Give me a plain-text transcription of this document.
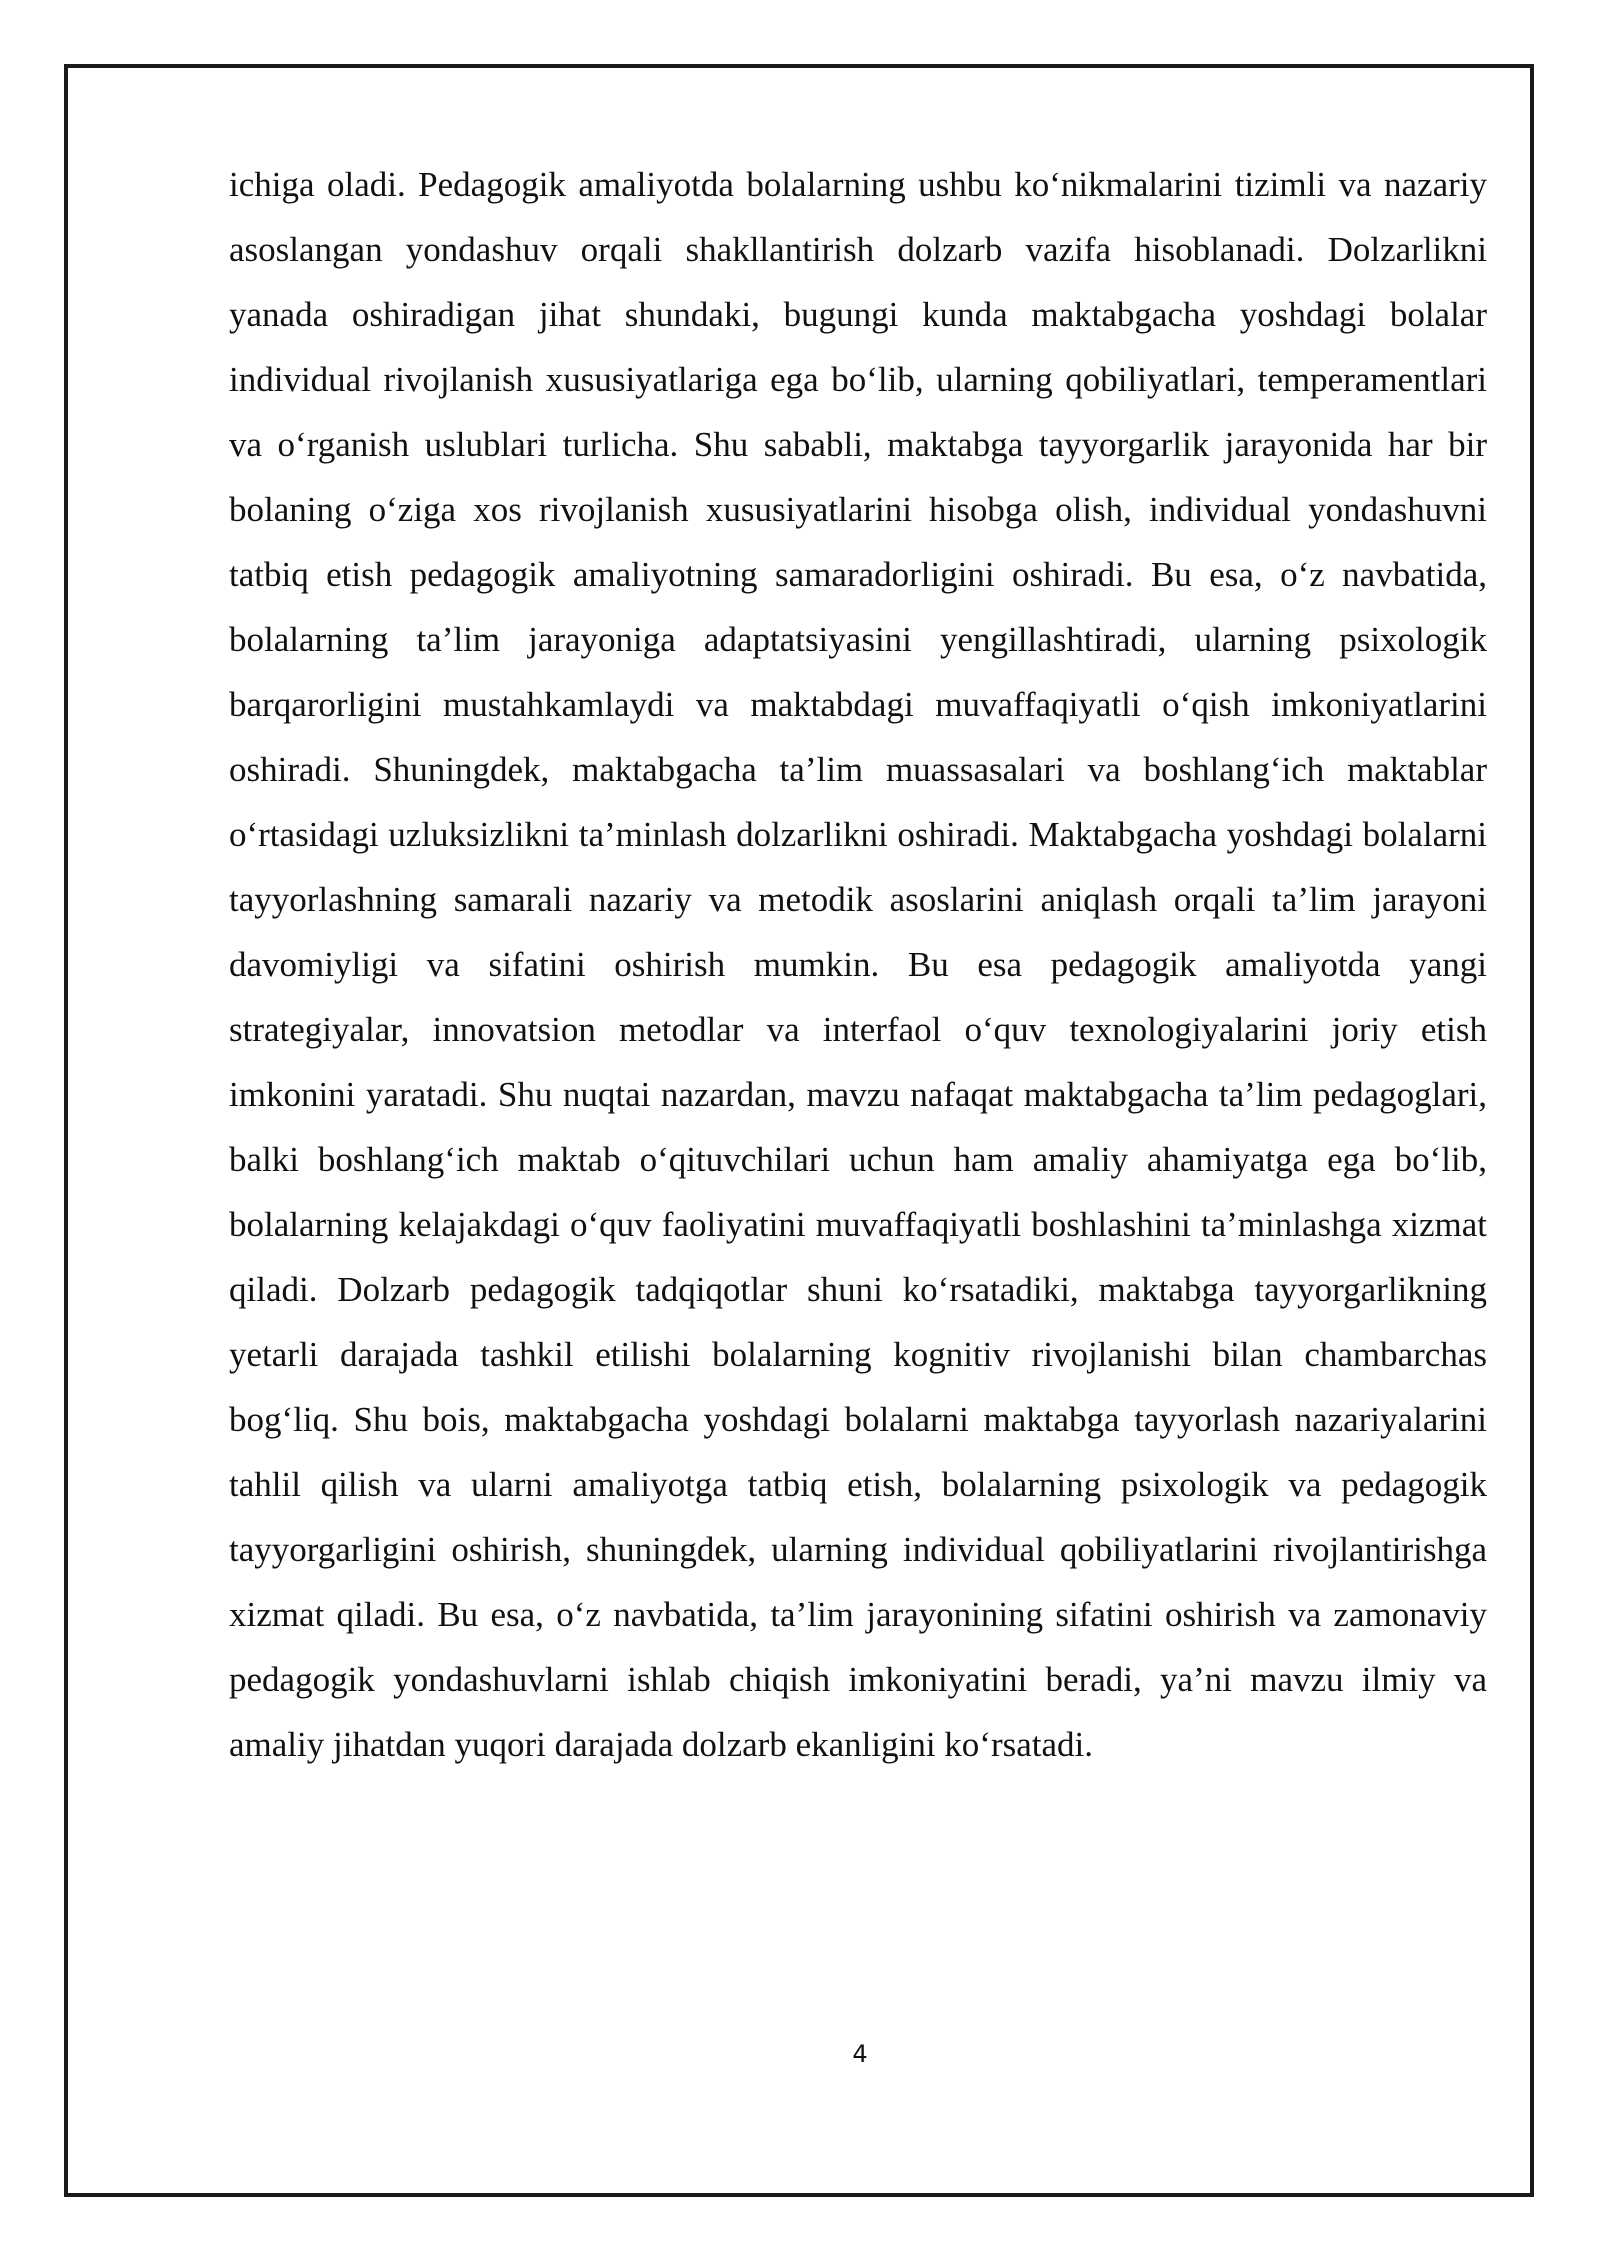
ichiga oladi. Pedagogik amaliyotda bolalarning ushbu ko‘nikmalarini tizimli va nazariy asoslangan yondashuv orqali shakllantirish dolzarb vazifa hisoblanadi. Dolzarlikni yanada oshiradigan jihat shundaki, bugungi kunda maktabgacha yoshdagi bolalar individual rivojlanish xususiyatlariga ega bo‘lib, ularning qobiliyatlari, temperamentlari va o‘rganish uslublari turlicha. Shu sababli, maktabga tayyorgarlik jarayonida har bir bolaning o‘ziga xos rivojlanish xususiyatlarini hisobga olish, individual yondashuvni tatbiq etish pedagogik amaliyotning samaradorligini oshiradi. Bu esa, o‘z navbatida, bolalarning ta’lim jarayoniga adaptatsiyasini yengillashtiradi, ularning psixologik barqarorligini mustahkamlaydi va maktabdagi muvaffaqiyatli o‘qish imkoniyatlarini oshiradi. Shuningdek, maktabgacha ta’lim muassasalari va boshlang‘ich maktablar o‘rtasidagi uzluksizlikni ta’minlash dolzarlikni oshiradi. Maktabgacha yoshdagi bolalarni tayyorlashning samarali nazariy va metodik asoslarini aniqlash orqali ta’lim jarayoni davomiyligi va sifatini oshirish mumkin. Bu esa pedagogik amaliyotda yangi strategiyalar, innovatsion metodlar va interfaol o‘quv texnologiyalarini joriy etish imkonini yaratadi. Shu nuqtai nazardan, mavzu nafaqat maktabgacha ta’lim pedagoglari, balki boshlang‘ich maktab o‘qituvchilari uchun ham amaliy ahamiyatga ega bo‘lib, bolalarning kelajakdagi o‘quv faoliyatini muvaffaqiyatli boshlashini ta’minlashga xizmat qiladi. Dolzarb pedagogik tadqiqotlar shuni ko‘rsatadiki, maktabga tayyorgarlikning yetarli darajada tashkil etilishi bolalarning kognitiv rivojlanishi bilan chambarchas bog‘liq. Shu bois, maktabgacha yoshdagi bolalarni maktabga tayyorlash nazariyalarini tahlil qilish va ularni amaliyotga tatbiq etish, bolalarning psixologik va pedagogik tayyorgarligini oshirish, shuningdek, ularning individual qobiliyatlarini rivojlantirishga xizmat qiladi. Bu esa, o‘z navbatida, ta’lim jarayonining sifatini oshirish va zamonaviy pedagogik yondashuvlarni ishlab chiqish imkoniyatini beradi, ya’ni mavzu ilmiy va amaliy jihatdan yuqori darajada dolzarb ekanligini ko‘rsatadi.

4
